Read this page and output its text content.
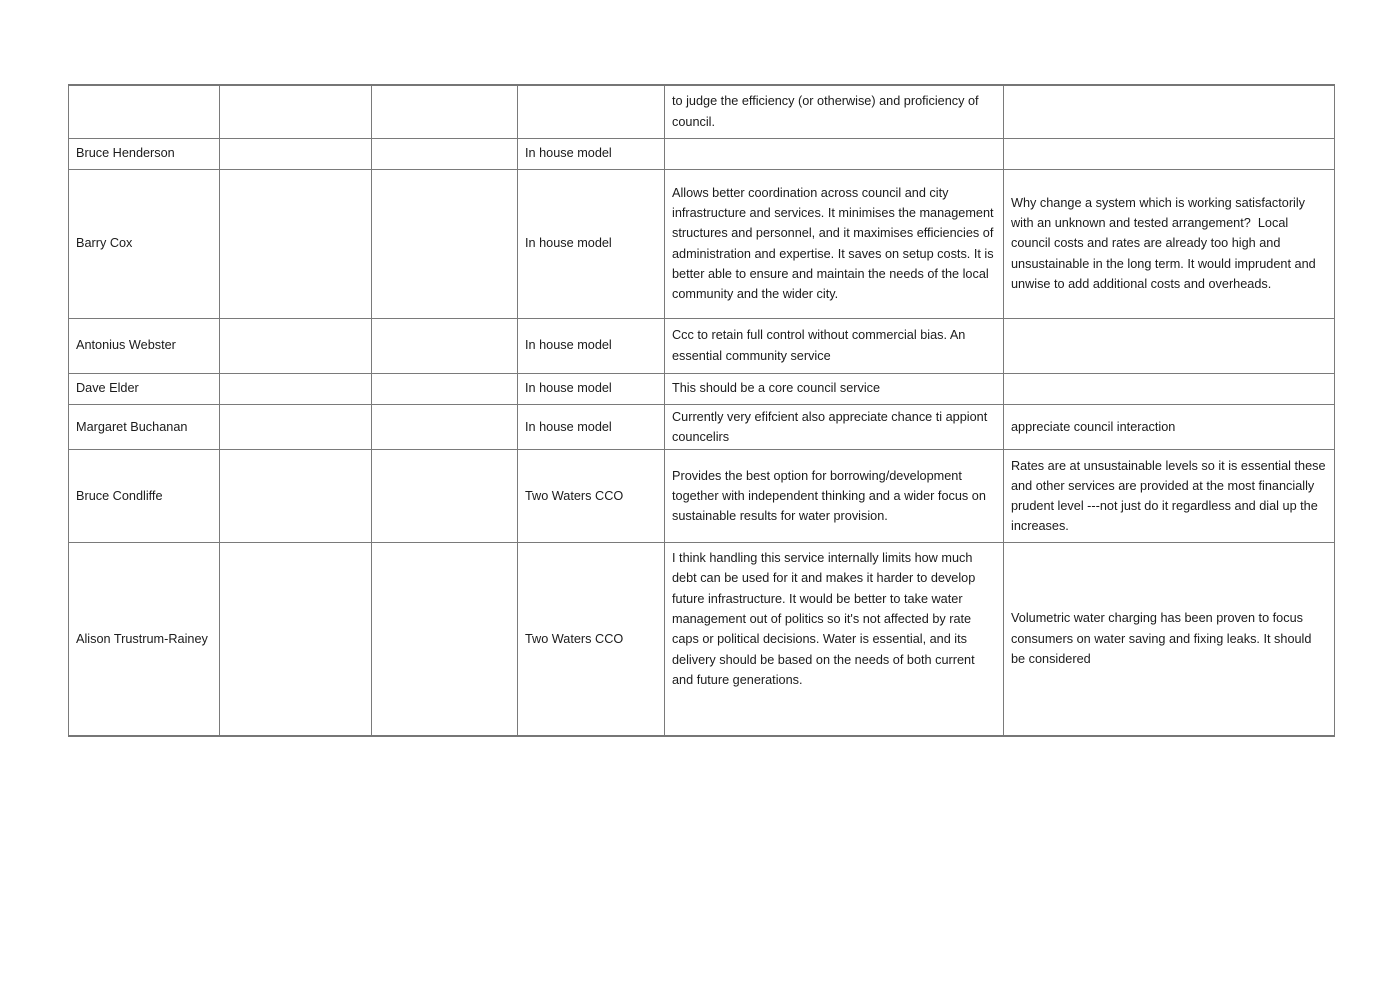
				to judge the efficiency (or otherwise) and proficiency of council.	
Bruce Henderson			In house model		
Barry Cox			In house model	Allows better coordination across council and city infrastructure and services. It minimises the management structures and personnel, and it maximises efficiencies of administration and expertise. It saves on setup costs. It is better able to ensure and maintain the needs of the local community and the wider city.	Why change a system which is working satisfactorily with an unknown and tested arrangement?  Local council costs and rates are already too high and unsustainable in the long term. It would imprudent and unwise to add additional costs and overheads.
Antonius Webster			In house model	Ccc to retain full control without commercial bias. An essential community service	
Dave Elder			In house model	This should be a core council service	
Margaret Buchanan			In house model	Currently very efifcient also appreciate chance ti appiont councelirs	appreciate council interaction
Bruce Condliffe			Two Waters CCO	Provides the best option for borrowing/development together with independent thinking and a wider focus on sustainable results for water provision.	Rates are at unsustainable levels so it is essential these and other services are provided at the most financially prudent level ---not just do it regardless and dial up the increases.
Alison Trustrum-Rainey			Two Waters CCO	I think handling this service internally limits how much debt can be used for it and makes it harder to develop future infrastructure. It would be better to take water management out of politics so it's not affected by rate caps or political decisions. Water is essential, and its delivery should be based on the needs of both current and future generations.	Volumetric water charging has been proven to focus consumers on water saving and fixing leaks. It should be considered
